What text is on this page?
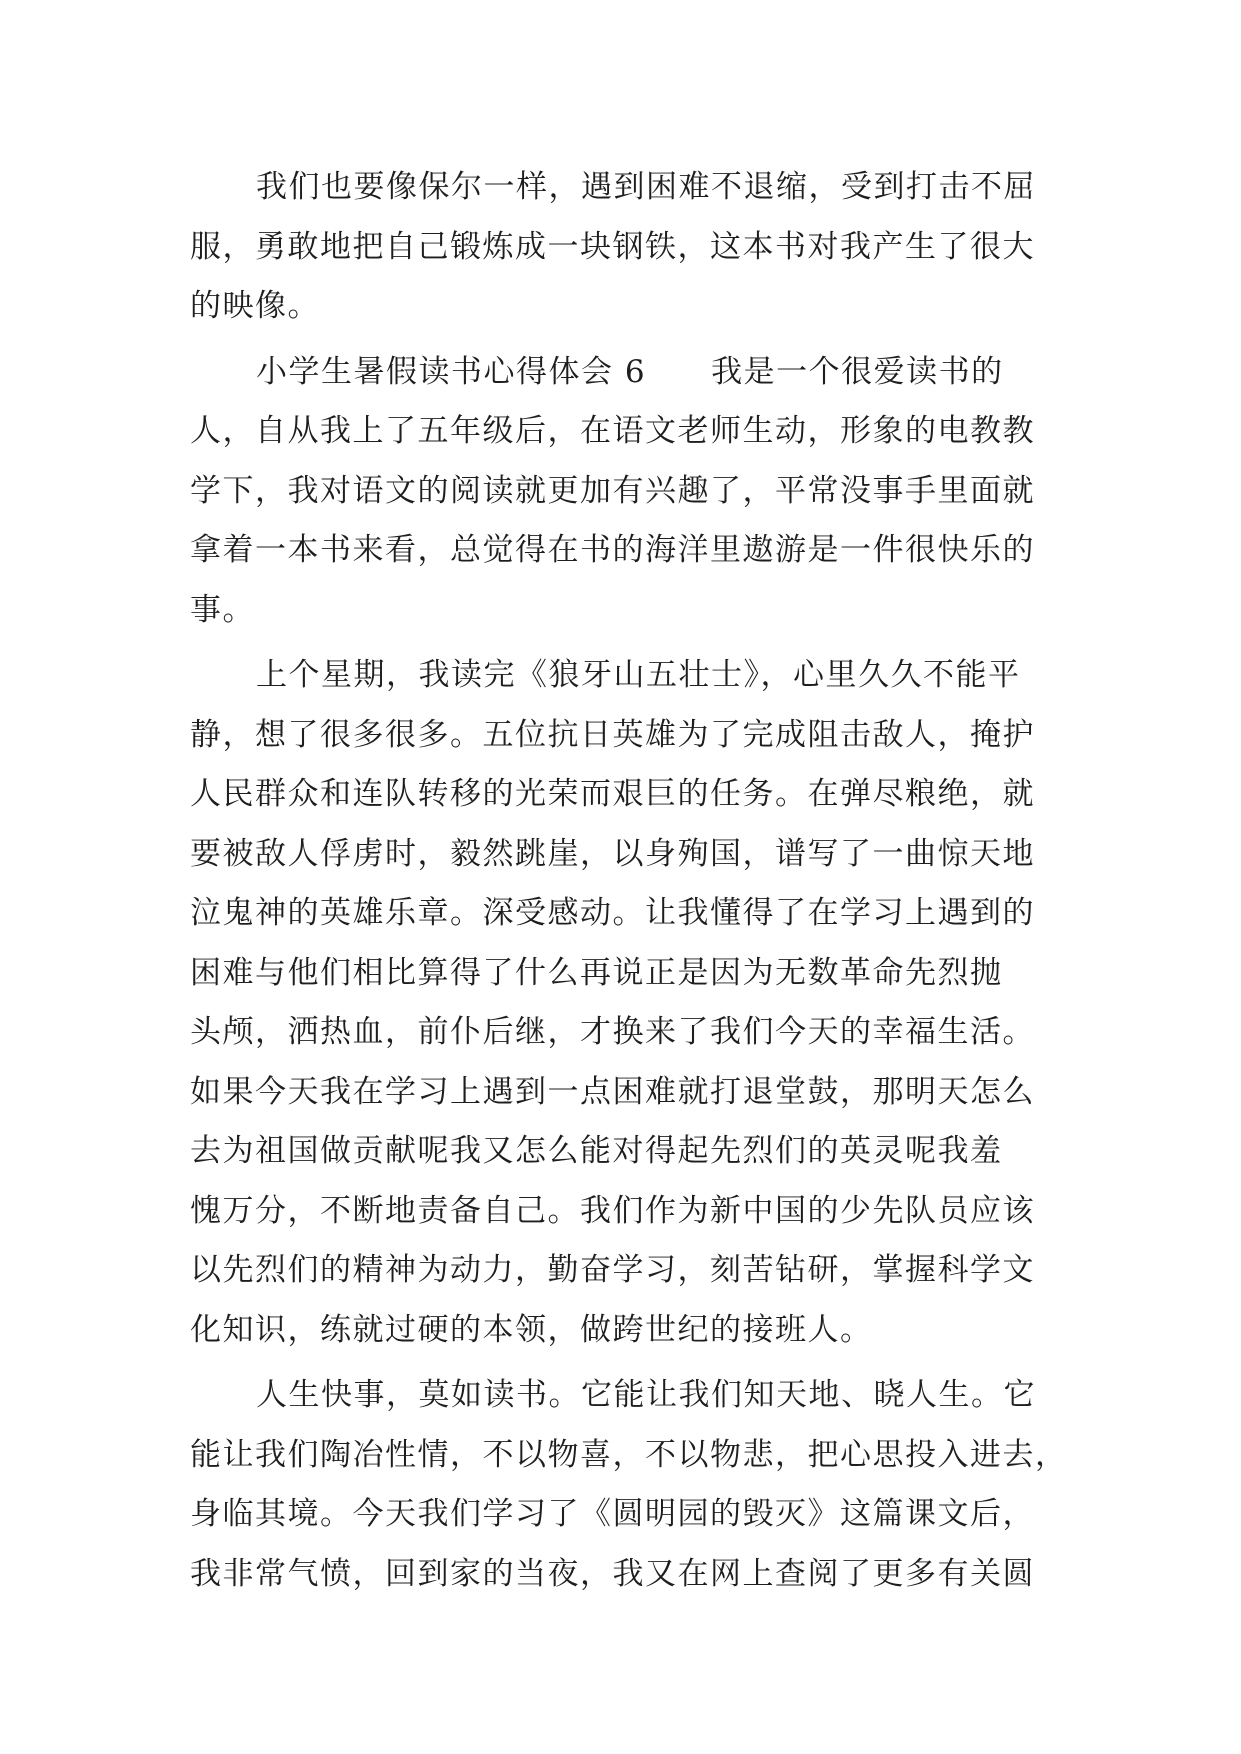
我们也要像保尔一样，遇到困难不退缩，受到打击不屈
服，勇敢地把自己锻炼成一块钢铁，这本书对我产生了很大
的映像。
小学生暑假读书心得体会 6　　我是一个很爱读书的
人，自从我上了五年级后，在语文老师生动，形象的电教教
学下，我对语文的阅读就更加有兴趣了，平常没事手里面就
拿着一本书来看，总觉得在书的海洋里遨游是一件很快乐的
事。
上个星期，我读完《狼牙山五壮士》，心里久久不能平
静，想了很多很多。五位抗日英雄为了完成阻击敌人，掩护
人民群众和连队转移的光荣而艰巨的任务。在弹尽粮绝，就
要被敌人俘虏时，毅然跳崖，以身殉国，谱写了一曲惊天地
泣鬼神的英雄乐章。深受感动。让我懂得了在学习上遇到的
困难与他们相比算得了什么再说正是因为无数革命先烈抛
头颅，洒热血，前仆后继，才换来了我们今天的幸福生活。
如果今天我在学习上遇到一点困难就打退堂鼓，那明天怎么
去为祖国做贡献呢我又怎么能对得起先烈们的英灵呢我羞
愧万分，不断地责备自己。我们作为新中国的少先队员应该
以先烈们的精神为动力，勤奋学习，刻苦钻研，掌握科学文
化知识，练就过硬的本领，做跨世纪的接班人。
人生快事，莫如读书。它能让我们知天地、晓人生。它
能让我们陶冶性情，不以物喜，不以物悲，把心思投入进去，
身临其境。今天我们学习了《圆明园的毁灭》这篇课文后，
我非常气愤，回到家的当夜，我又在网上查阅了更多有关圆
